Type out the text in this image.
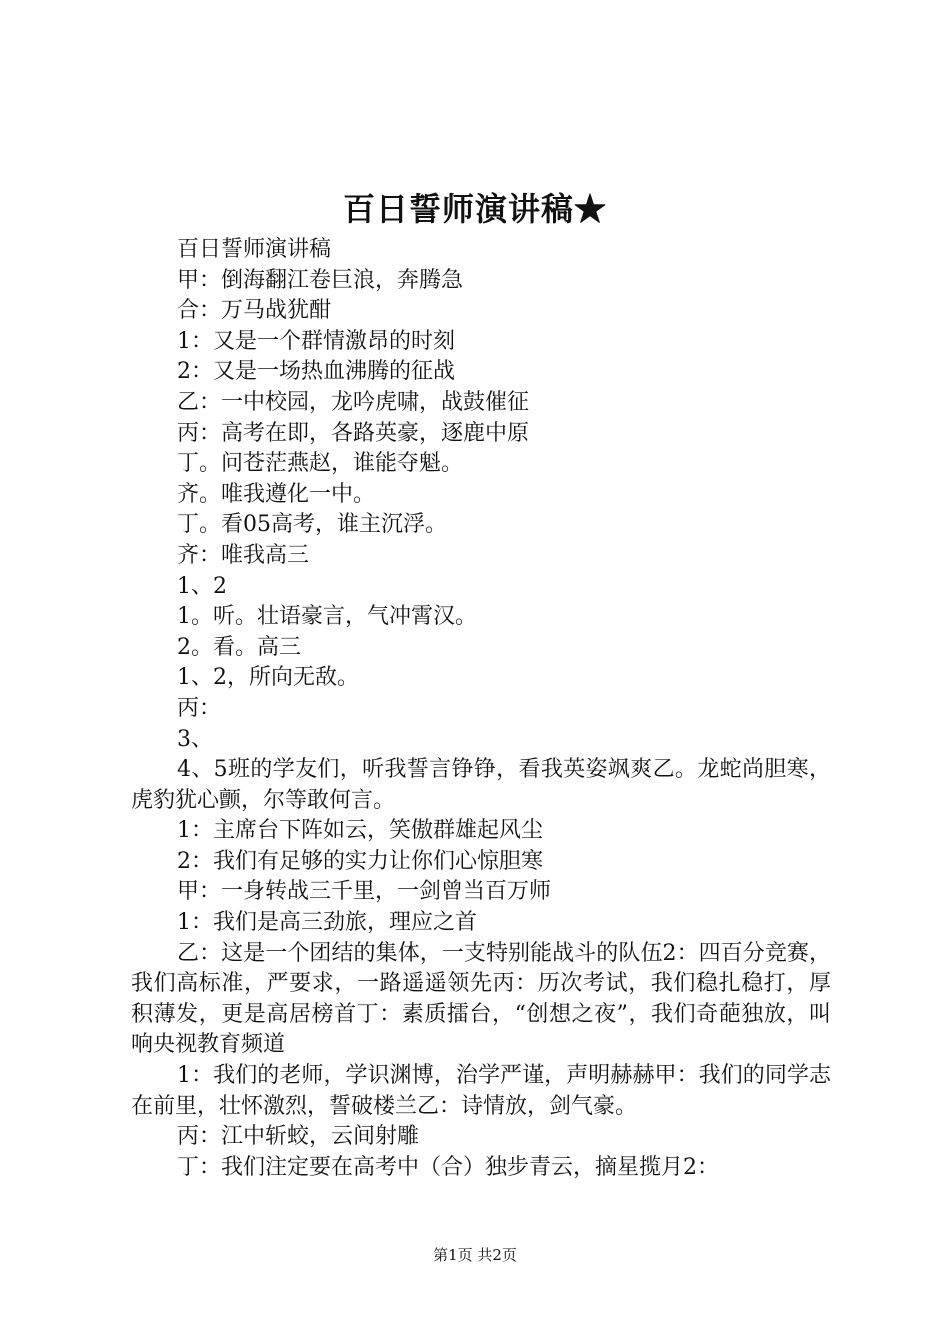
百日誓师演讲稿★

百日誓师演讲稿

甲：倒海翻江卷巨浪，奔腾急

合：万马战犹酣

1：又是一个群情激昂的时刻

2：又是一场热血沸腾的征战

乙：一中校园，龙吟虎啸，战鼓催征

丙：高考在即，各路英豪，逐鹿中原

丁。问苍茫燕赵，谁能夺魁。

齐。唯我遵化一中。

丁。看05高考，谁主沉浮。

齐：唯我高三

1、2

1。听。壮语豪言，气冲霄汉。

2。看。高三

1、2，所向无敌。

丙：

3、

4、5班的学友们，听我誓言铮铮，看我英姿飒爽乙。龙蛇尚胆寒，虎豹犹心颤，尔等敢何言。

1：主席台下阵如云，笑傲群雄起风尘

2：我们有足够的实力让你们心惊胆寒

甲：一身转战三千里，一剑曾当百万师

1：我们是高三劲旅，理应之首

乙：这是一个团结的集体，一支特别能战斗的队伍2：四百分竞赛，我们高标准，严要求，一路遥遥领先丙：历次考试，我们稳扎稳打，厚积薄发，更是高居榜首丁：素质擂台，“创想之夜”，我们奇葩独放，叫响央视教育频道

1：我们的老师，学识渊博，治学严谨，声明赫赫甲：我们的同学志在前里，壮怀激烈，誓破楼兰乙：诗情放，剑气豪。

丙：江中斩蛟，云间射雕

丁：我们注定要在高考中（合）独步青云，摘星揽月2：

第1页 共2页
